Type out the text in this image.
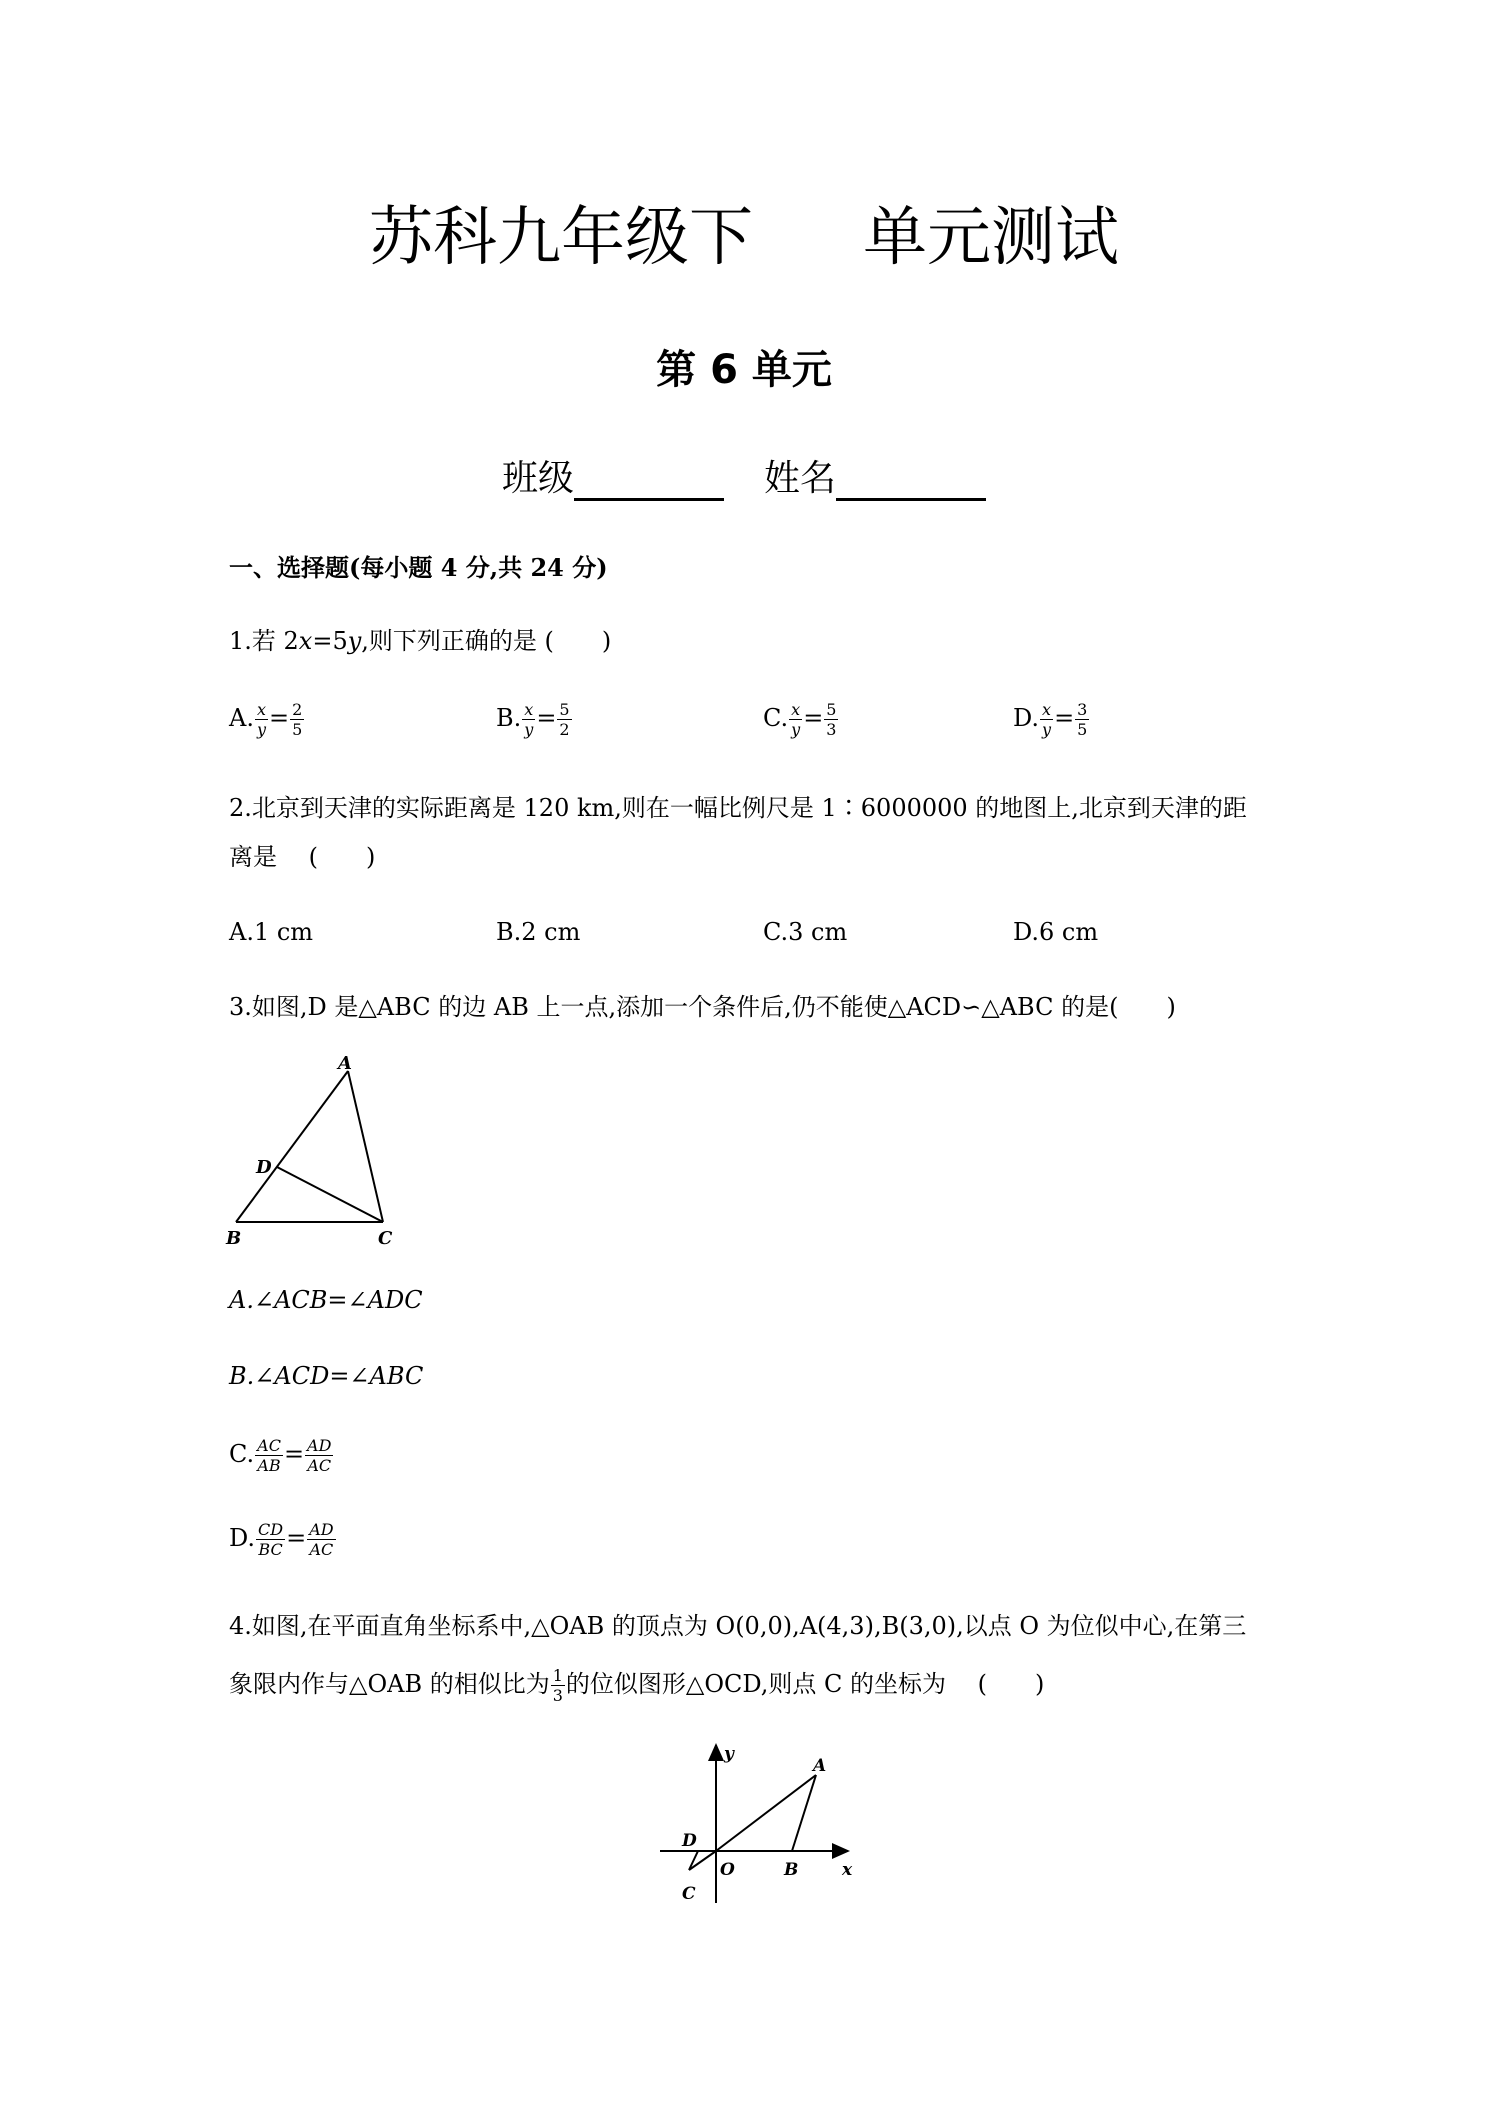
苏科九年级下 单元测试
第 6 单元
班级	姓名
一、选择题(每小题 4 分,共 24 分)
1.若 2x=5y,则下列正确的是 (　　)
A. $\frac{x}{y} = \frac{2}{5}$	B. $\frac{x}{y} = \frac{5}{2}$	C. $\frac{x}{y} = \frac{5}{3}$	D. $\frac{x}{y} = \frac{3}{5}$
2.北京到天津的实际距离是 120 km,则在一幅比例尺是 1∶6000000 的地图上,北京到天津的距
离是　 (　　)
A.1 cm	B.2 cm	C.3 cm	D.6 cm
3.如图,D 是△ABC 的边 AB 上一点,添加一个条件后,仍不能使△ACD∽△ABC 的是(　　)
A
D
B	C
A.∠ACB=∠ADC
B.∠ACD=∠ABC
C. $\frac{AC}{AB} = \frac{AD}{AC}$
D. $\frac{CD}{BC} = \frac{AD}{AC}$
4.如图,在平面直角坐标系中,△OAB 的顶点为 O(0,0),A(4,3),B(3,0),以点 O 为位似中心,在第三
象限内作与△OAB 的相似比为 $\frac{1}{3}$ 的位似图形△OCD,则点 C 的坐标为　 (　　)
y
x
A
B
O
C
D
